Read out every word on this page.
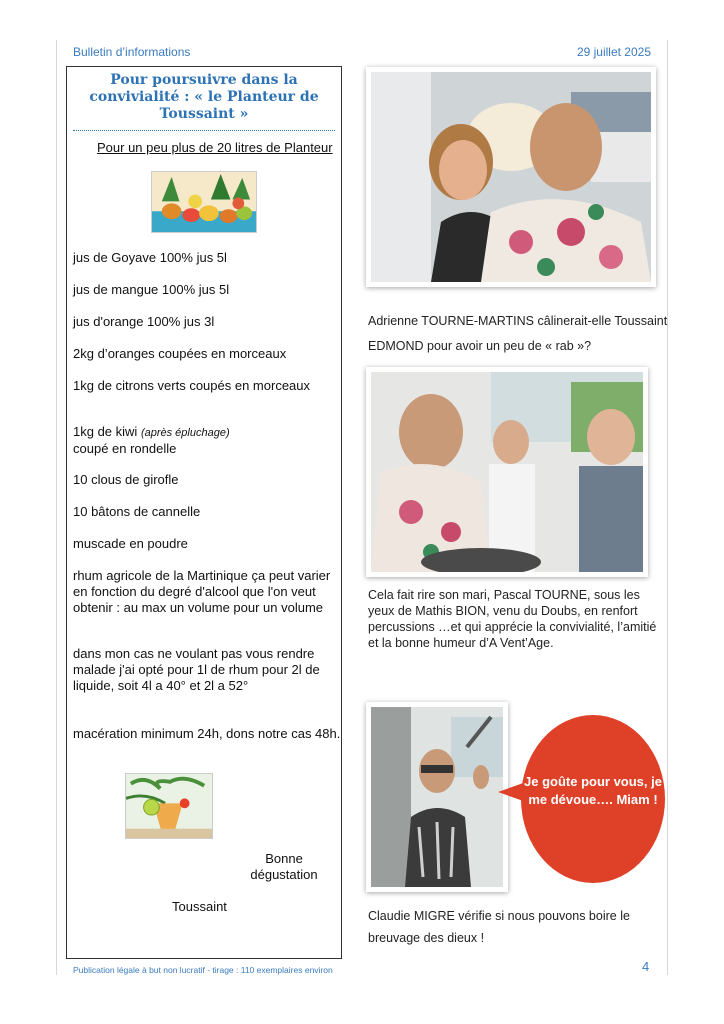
Bulletin d’informations	29 juillet 2025
Pour poursuivre dans la convivialité : « le Planteur de Toussaint »
Pour un peu plus de 20 litres de Planteur
jus de Goyave 100% jus 5l
jus de mangue 100% jus 5l
jus d'orange 100% jus 3l
2kg d’oranges coupées en morceaux
1kg de citrons verts coupés en morceaux
1kg de kiwi (après épluchage)
coupé en rondelle
10 clous de girofle
10 bâtons de cannelle
muscade en poudre
rhum agricole de la Martinique ça peut varier en fonction du degré d'alcool que l'on veut obtenir : au max un volume pour un volume
dans mon cas ne voulant pas vous rendre malade j'ai opté pour 1l de rhum pour 2l de liquide, soit 4l a 40° et 2l a 52°
macération minimum 24h, dons notre cas 48h.
Bonne dégustation
Toussaint
Adrienne TOURNE-MARTINS câlinerait-elle Toussaint EDMOND pour avoir un peu de « rab »?
Cela fait rire son mari, Pascal TOURNE, sous les yeux de Mathis BION, venu du Doubs, en renfort percussions …et qui apprécie la convivialité, l’amitié et la bonne humeur d’A Vent’Age.
Je goûte pour vous, je me dévoue…. Miam !
Claudie MIGRE vérifie si nous pouvons boire le breuvage des dieux !
Publication légale à but non lucratif - tirage : 110 exemplaires environ	4
